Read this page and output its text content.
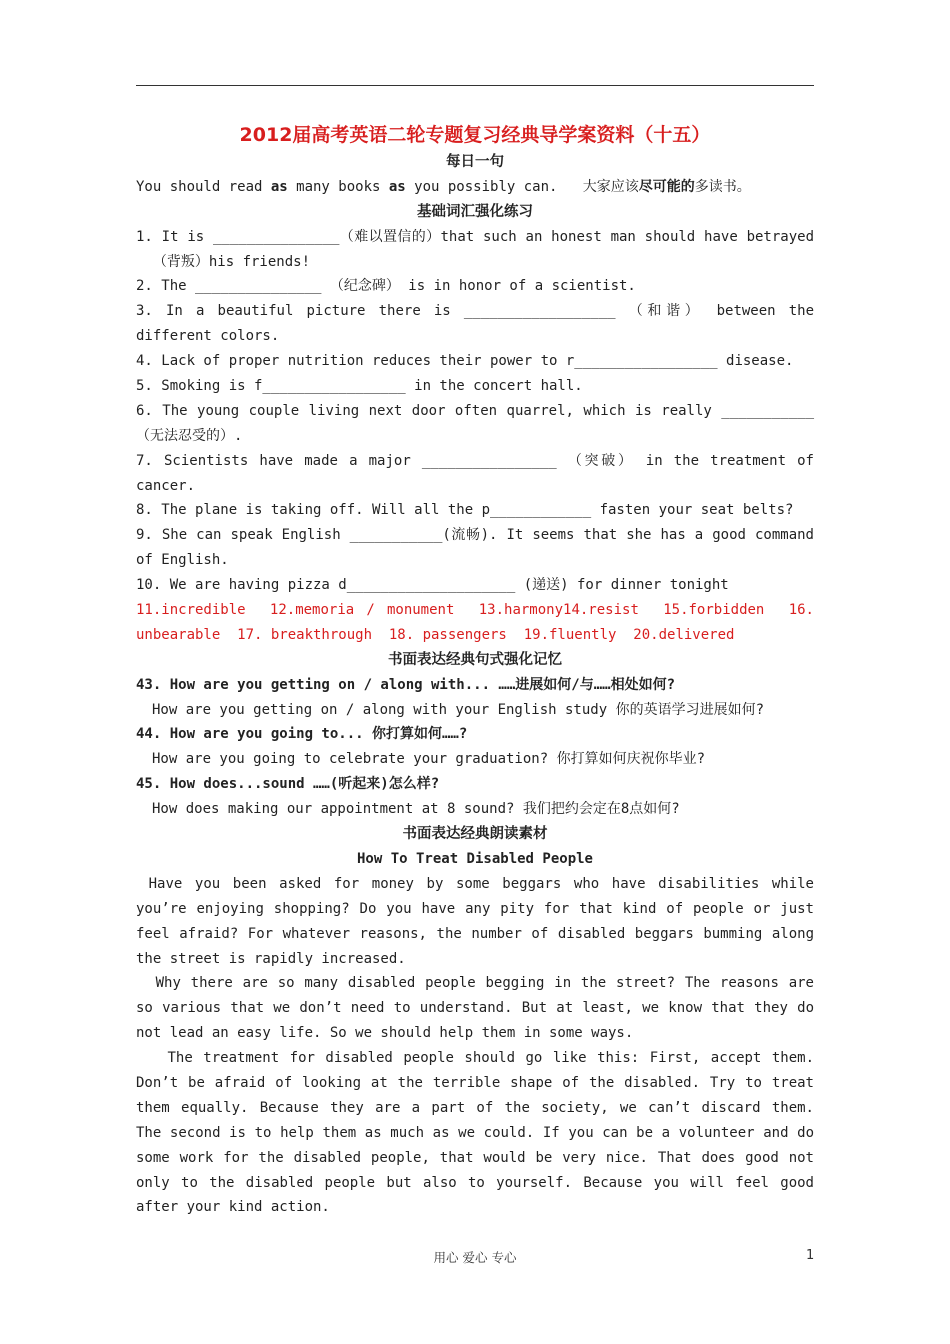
2012届高考英语二轮专题复习经典导学案资料（十五）
每日一句
You should read as many books as you possibly can.   大家应该尽可能的多读书。
基础词汇强化练习
1. It is _______________（难以置信的）that such an honest man should have betrayed
（背叛）his friends!
2. The _______________ （纪念碑） is in honor of a scientist.
3. In a beautiful picture there is __________________ （和谐） between the
different colors.
4. Lack of proper nutrition reduces their power to r_________________ disease.
5. Smoking is f_________________ in the concert hall.
6. The young couple living next door often quarrel, which is really ___________
（无法忍受的）.
7. Scientists have made a major ________________ （突破） in the treatment of
cancer.
8. The plane is taking off. Will all the p____________ fasten your seat belts?
9. She can speak English ___________(流畅). It seems that she has a good command
of English.
10. We are having pizza d____________________ (递送) for dinner tonight
11.incredible  12.memoria / monument  13.harmony14.resist  15.forbidden  16.
unbearable  17. breakthrough  18. passengers  19.fluently  20.delivered
书面表达经典句式强化记忆
43. How are you getting on / along with... ……进展如何/与……相处如何?
How are you getting on / along with your English study 你的英语学习进展如何?
44. How are you going to... 你打算如何……?
How are you going to celebrate your graduation? 你打算如何庆祝你毕业?
45. How does...sound ……(听起来)怎么样?
How does making our appointment at 8 sound? 我们把约会定在8点如何?
书面表达经典朗读素材
How To Treat Disabled People
Have you been asked for money by some beggars who have disabilities while
you’re enjoying shopping? Do you have any pity for that kind of people or just
feel afraid? For whatever reasons, the number of disabled beggars bumming along
the street is rapidly increased.
Why there are so many disabled people begging in the street? The reasons are
so various that we don’t need to understand. But at least, we know that they do
not lead an easy life. So we should help them in some ways.
The treatment for disabled people should go like this: First, accept them.
Don’t be afraid of looking at the terrible shape of the disabled. Try to treat
them equally. Because they are a part of the society, we can’t discard them.
The second is to help them as much as we could. If you can be a volunteer and do
some work for the disabled people, that would be very nice. That does good not
only to the disabled people but also to yourself. Because you will feel good
after your kind action.
用心 爱心 专心	1
